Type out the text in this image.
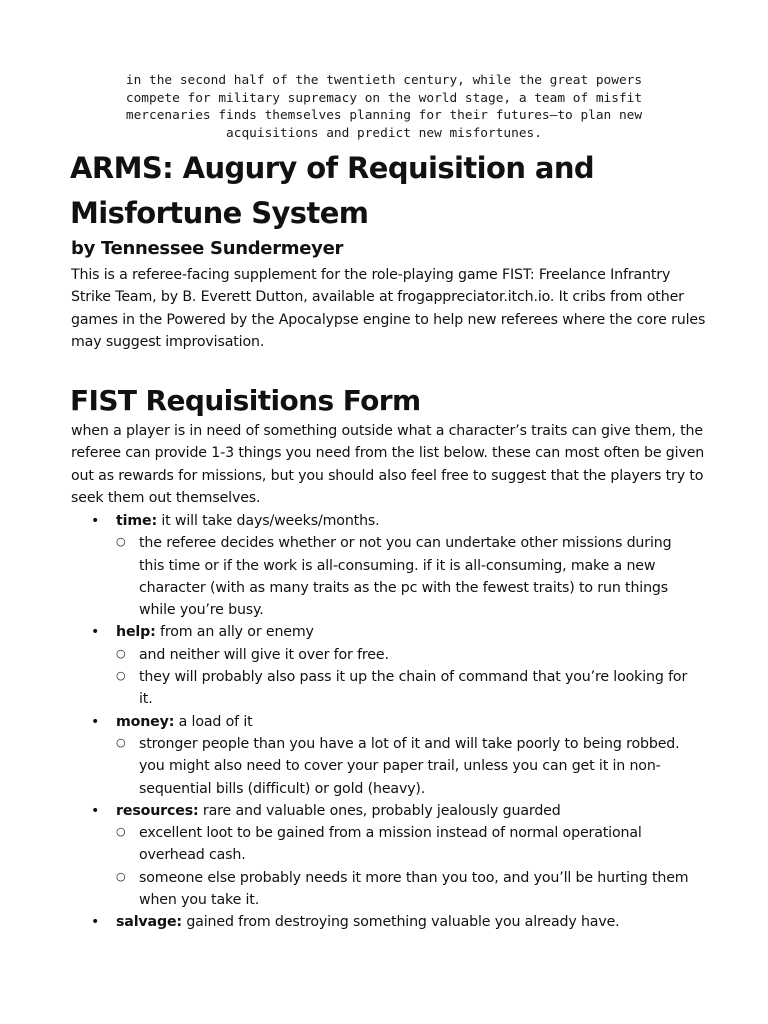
in the second half of the twentieth century, while the great powers
compete for military supremacy on the world stage, a team of misfit
mercenaries finds themselves planning for their futures—to plan new
acquisitions and predict new misfortunes.
ARMS: Augury of Requisition and Misfortune System
by Tennessee Sundermeyer
This is a referee-facing supplement for the role-playing game FIST: Freelance Infrantry Strike Team, by B. Everett Dutton, available at frogappreciator.itch.io. It cribs from other games in the Powered by the Apocalypse engine to help new referees where the core rules may suggest improvisation.
FIST Requisitions Form
when a player is in need of something outside what a character’s traits can give them, the referee can provide 1-3 things you need from the list below. these can most often be given out as rewards for missions, but you should also feel free to suggest that the players try to seek them out themselves.
• time: it will take days/weeks/months.
○ the referee decides whether or not you can undertake other missions during this time or if the work is all-consuming. if it is all-consuming, make a new character (with as many traits as the pc with the fewest traits) to run things while you’re busy.
• help: from an ally or enemy
○ and neither will give it over for free.
○ they will probably also pass it up the chain of command that you’re looking for it.
• money: a load of it
○ stronger people than you have a lot of it and will take poorly to being robbed. you might also need to cover your paper trail, unless you can get it in non-sequential bills (difficult) or gold (heavy).
• resources: rare and valuable ones, probably jealously guarded
○ excellent loot to be gained from a mission instead of normal operational overhead cash.
○ someone else probably needs it more than you too, and you’ll be hurting them when you take it.
• salvage: gained from destroying something valuable you already have.
